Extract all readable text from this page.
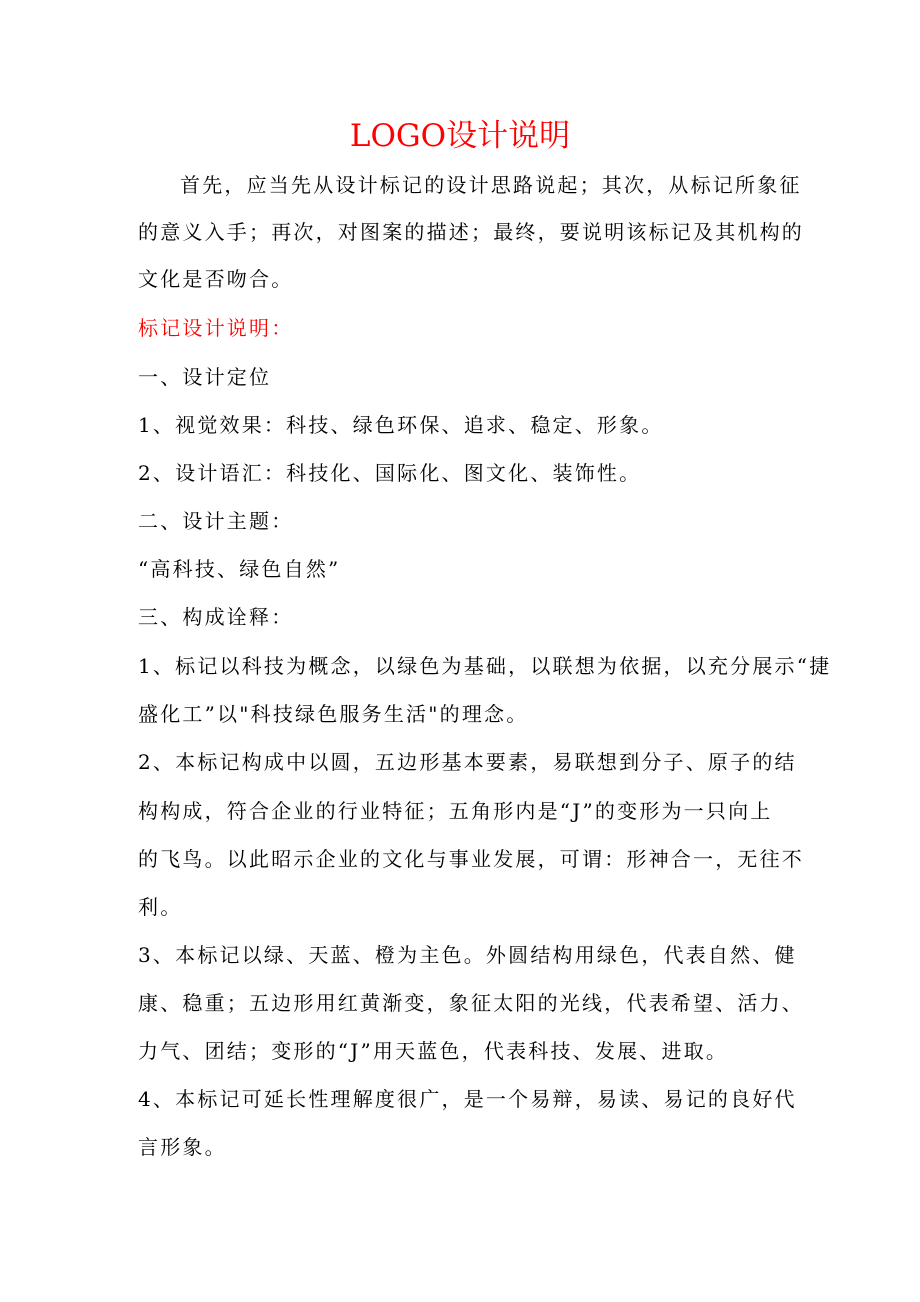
LOGO设计说明
首先，应当先从设计标记的设计思路说起；其次，从标记所象征
的意义入手；再次，对图案的描述；最终，要说明该标记及其机构的
文化是否吻合。
标记设计说明：
一、设计定位
1、视觉效果：科技、绿色环保、追求、稳定、形象。
2、设计语汇：科技化、国际化、图文化、装饰性。
二、设计主题：
“高科技、绿色自然”
三、构成诠释：
1、标记以科技为概念，以绿色为基础，以联想为依据，以充分展示“捷
盛化工”以"科技绿色服务生活"的理念。
2、本标记构成中以圆，五边形基本要素，易联想到分子、原子的结
构构成，符合企业的行业特征；五角形内是“J”的变形为一只向上
的飞鸟。以此昭示企业的文化与事业发展，可谓：形神合一，无往不
利。
3、本标记以绿、天蓝、橙为主色。外圆结构用绿色，代表自然、健
康、稳重；五边形用红黄渐变，象征太阳的光线，代表希望、活力、
力气、团结；变形的“J”用天蓝色，代表科技、发展、进取。
4、本标记可延长性理解度很广，是一个易辩，易读、易记的良好代
言形象。
